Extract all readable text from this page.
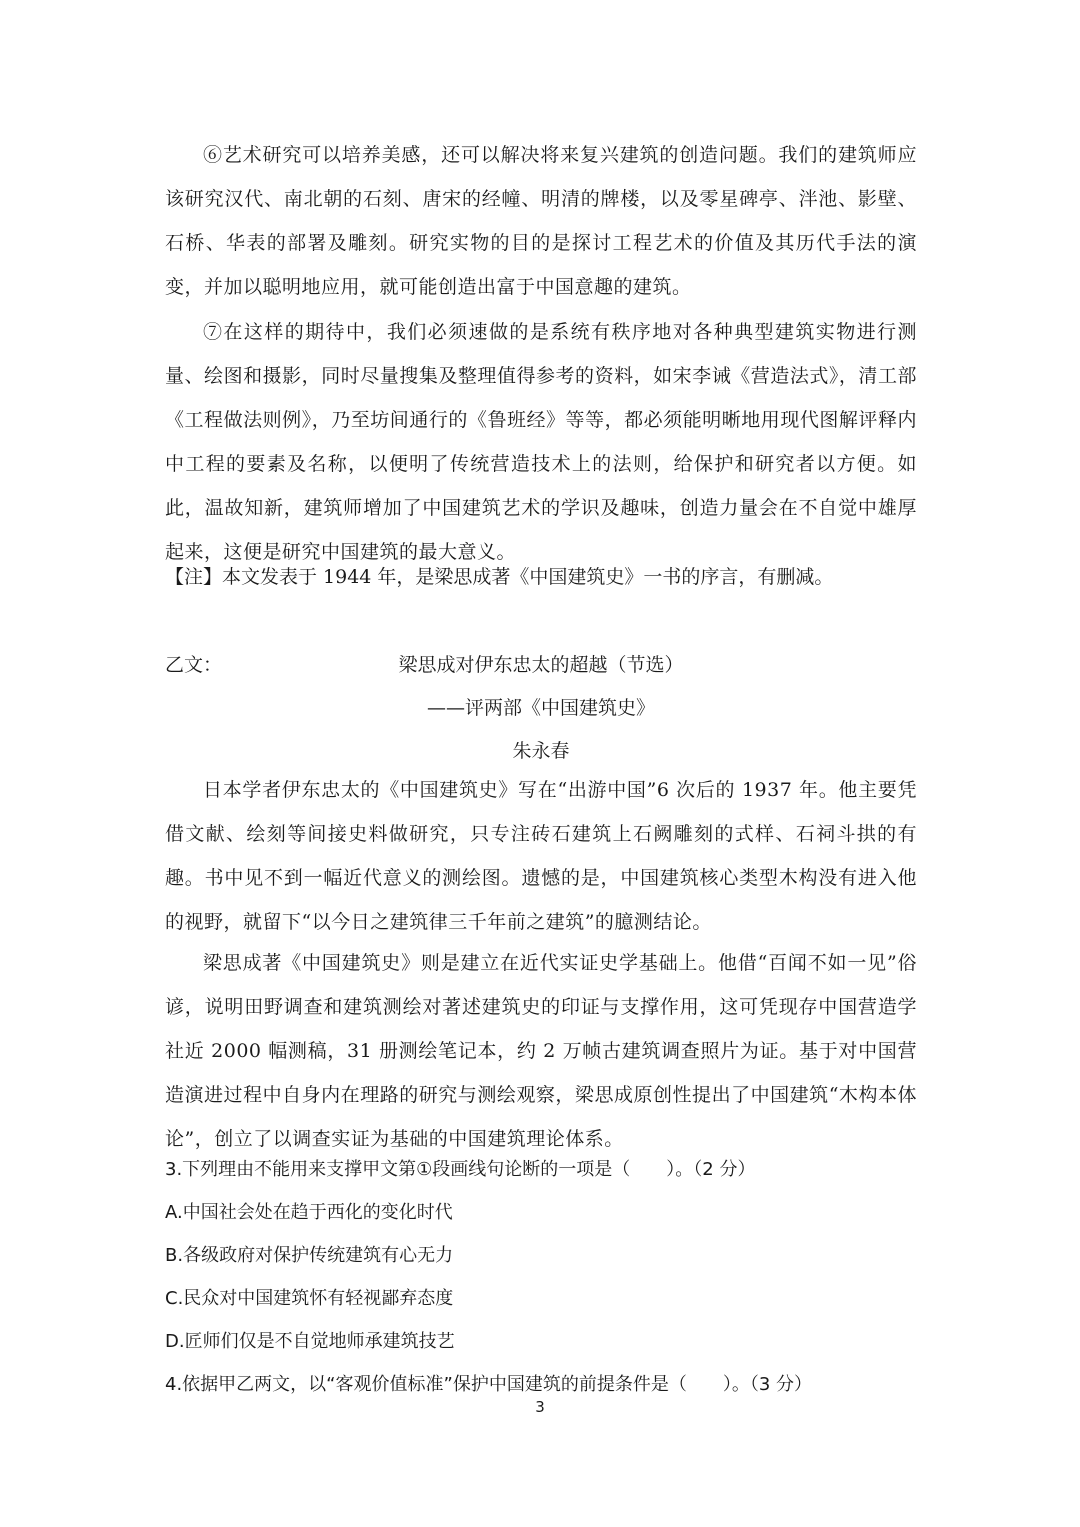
⑥艺术研究可以培养美感，还可以解决将来复兴建筑的创造问题。我们的建筑师应该研究汉代、南北朝的石刻、唐宋的经幢、明清的牌楼，以及零星碑亭、泮池、影壁、石桥、华表的部署及雕刻。研究实物的目的是探讨工程艺术的价值及其历代手法的演变，并加以聪明地应用，就可能创造出富于中国意趣的建筑。

⑦在这样的期待中，我们必须速做的是系统有秩序地对各种典型建筑实物进行测量、绘图和摄影，同时尽量搜集及整理值得参考的资料，如宋李诫《营造法式》，清工部《工程做法则例》，乃至坊间通行的《鲁班经》等等，都必须能明晰地用现代图解评释内中工程的要素及名称，以便明了传统营造技术上的法则，给保护和研究者以方便。如此，温故知新，建筑师增加了中国建筑艺术的学识及趣味，创造力量会在不自觉中雄厚起来，这便是研究中国建筑的最大意义。

【注】本文发表于 1944 年，是梁思成著《中国建筑史》一书的序言，有删减。

乙文：	梁思成对伊东忠太的超越（节选）
——评两部《中国建筑史》
朱永春

日本学者伊东忠太的《中国建筑史》写在“出游中国”6 次后的 1937 年。他主要凭借文献、绘刻等间接史料做研究，只专注砖石建筑上石阙雕刻的式样、石祠斗拱的有趣。书中见不到一幅近代意义的测绘图。遗憾的是，中国建筑核心类型木构没有进入他的视野，就留下“以今日之建筑律三千年前之建筑”的臆测结论。

梁思成著《中国建筑史》则是建立在近代实证史学基础上。他借“百闻不如一见”俗谚，说明田野调查和建筑测绘对著述建筑史的印证与支撑作用，这可凭现存中国营造学社近 2000 幅测稿，31 册测绘笔记本，约 2 万帧古建筑调查照片为证。基于对中国营造演进过程中自身内在理路的研究与测绘观察，梁思成原创性提出了中国建筑“木构本体论”，创立了以调查实证为基础的中国建筑理论体系。

3.下列理由不能用来支撑甲文第①段画线句论断的一项是（　　）。（2 分）

A.中国社会处在趋于西化的变化时代

B.各级政府对保护传统建筑有心无力

C.民众对中国建筑怀有轻视鄙弃态度

D.匠师们仅是不自觉地师承建筑技艺

4.依据甲乙两文，以“客观价值标准”保护中国建筑的前提条件是（　　）。（3 分）

3
